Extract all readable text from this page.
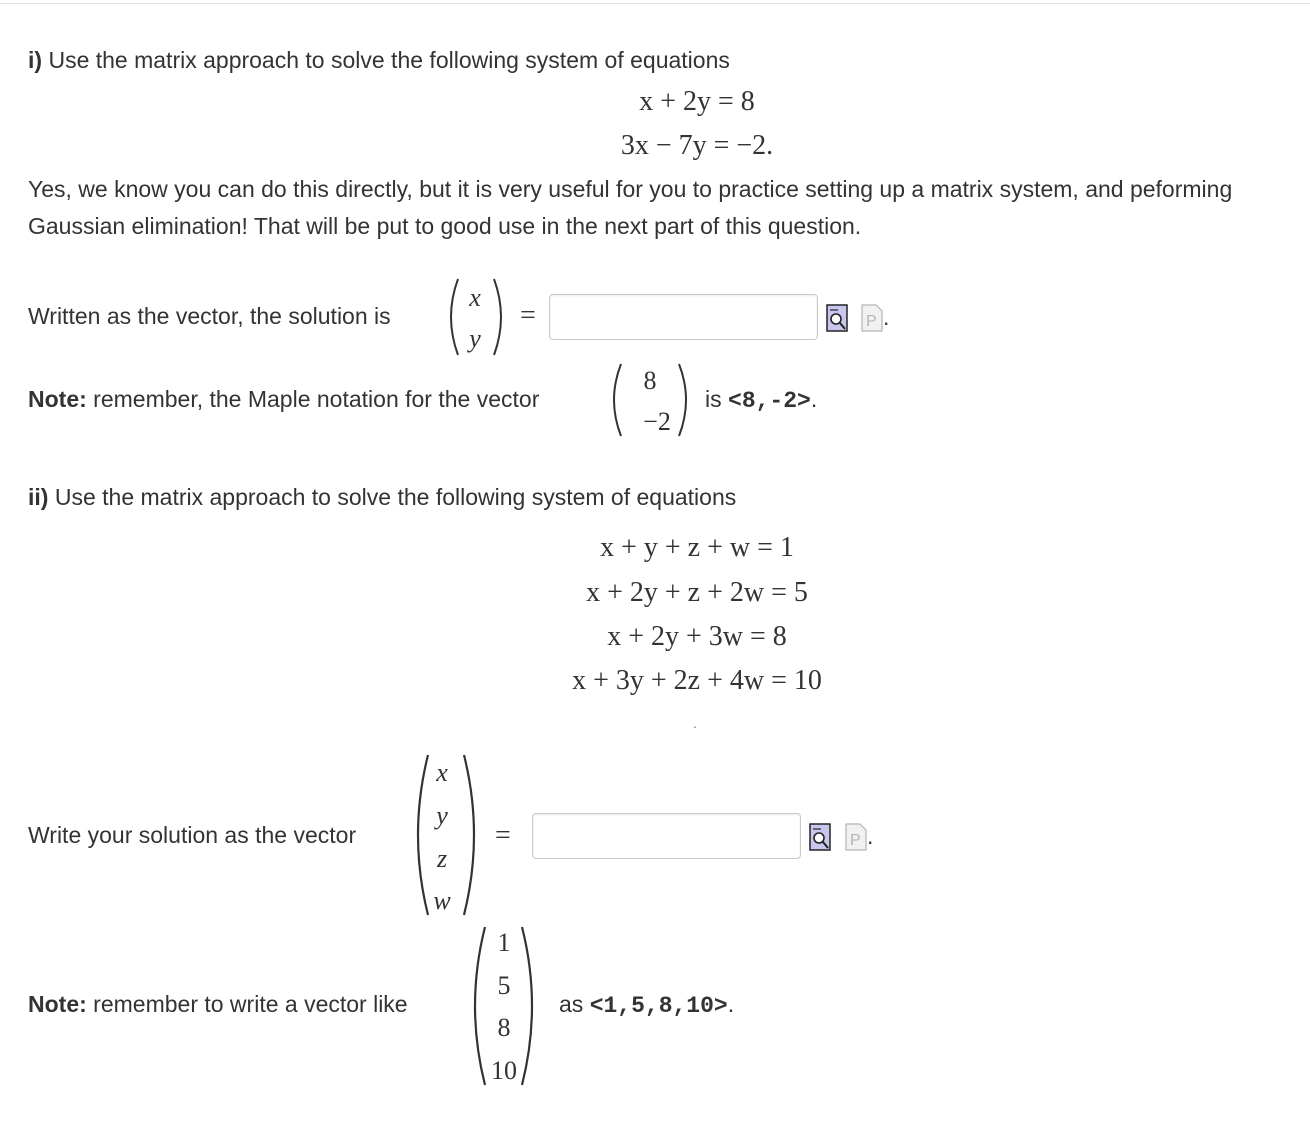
i) Use the matrix approach to solve the following system of equations
x + 2y = 8
3x − 7y = −2.
Yes, we know you can do this directly, but it is very useful for you to practice setting up a matrix system, and peforming Gaussian elimination! That will be put to good use in the next part of this question.
Written as the vector, the solution is
x
y
=	P .
Note: remember, the Maple notation for the vector
8
−2
is <8,-2>.
ii) Use the matrix approach to solve the following system of equations
x + y + z + w = 1
x + 2y + z + 2w = 5
x + 2y + 3w = 8
x + 3y + 2z + 4w = 10
.
Write your solution as the vector
x
y
z
w
=	P .
Note: remember to write a vector like
1
5
8
10
as <1,5,8,10>.
